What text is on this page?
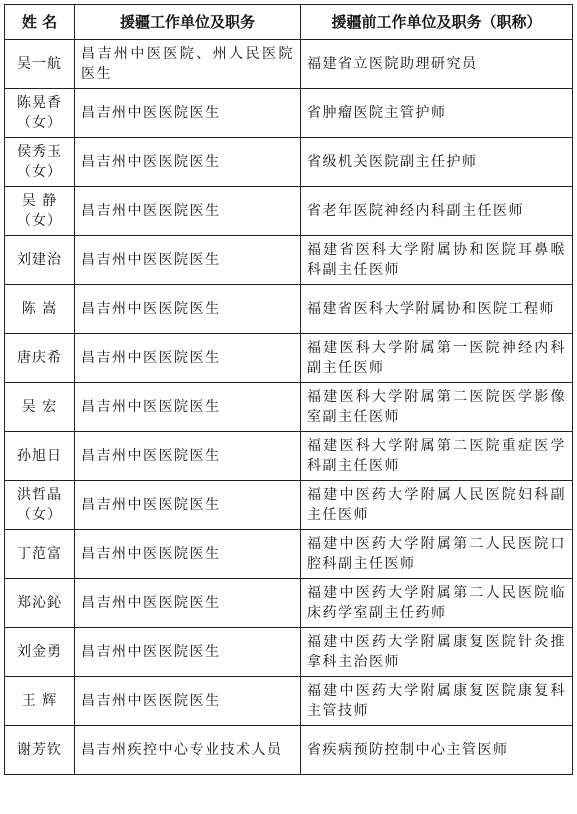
姓 名	援疆工作单位及职务	援疆前工作单位及职务（职称）
吴一航	昌吉州中医医院、州人民医院医生	福建省立医院助理研究员
陈晃香（女）	昌吉州中医医院医生	省肿瘤医院主管护师
侯秀玉（女）	昌吉州中医医院医生	省级机关医院副主任护师
吴 静（女）	昌吉州中医医院医生	省老年医院神经内科副主任医师
刘建治	昌吉州中医医院医生	福建省医科大学附属协和医院耳鼻喉科副主任医师
陈 嵩	昌吉州中医医院医生	福建省医科大学附属协和医院工程师
唐庆希	昌吉州中医医院医生	福建医科大学附属第一医院神经内科副主任医师
吴 宏	昌吉州中医医院医生	福建医科大学附属第二医院医学影像室副主任医师
孙旭日	昌吉州中医医院医生	福建医科大学附属第二医院重症医学科副主任医师
洪哲晶（女）	昌吉州中医医院医生	福建中医药大学附属人民医院妇科副主任医师
丁范富	昌吉州中医医院医生	福建中医药大学附属第二人民医院口腔科副主任医师
郑沁鈊	昌吉州中医医院医生	福建中医药大学附属第二人民医院临床药学室副主任药师
刘金勇	昌吉州中医医院医生	福建中医药大学附属康复医院针灸推拿科主治医师
王 辉	昌吉州中医医院医生	福建中医药大学附属康复医院康复科主管技师
谢芳钦	昌吉州疾控中心专业技术人员	省疾病预防控制中心主管医师
